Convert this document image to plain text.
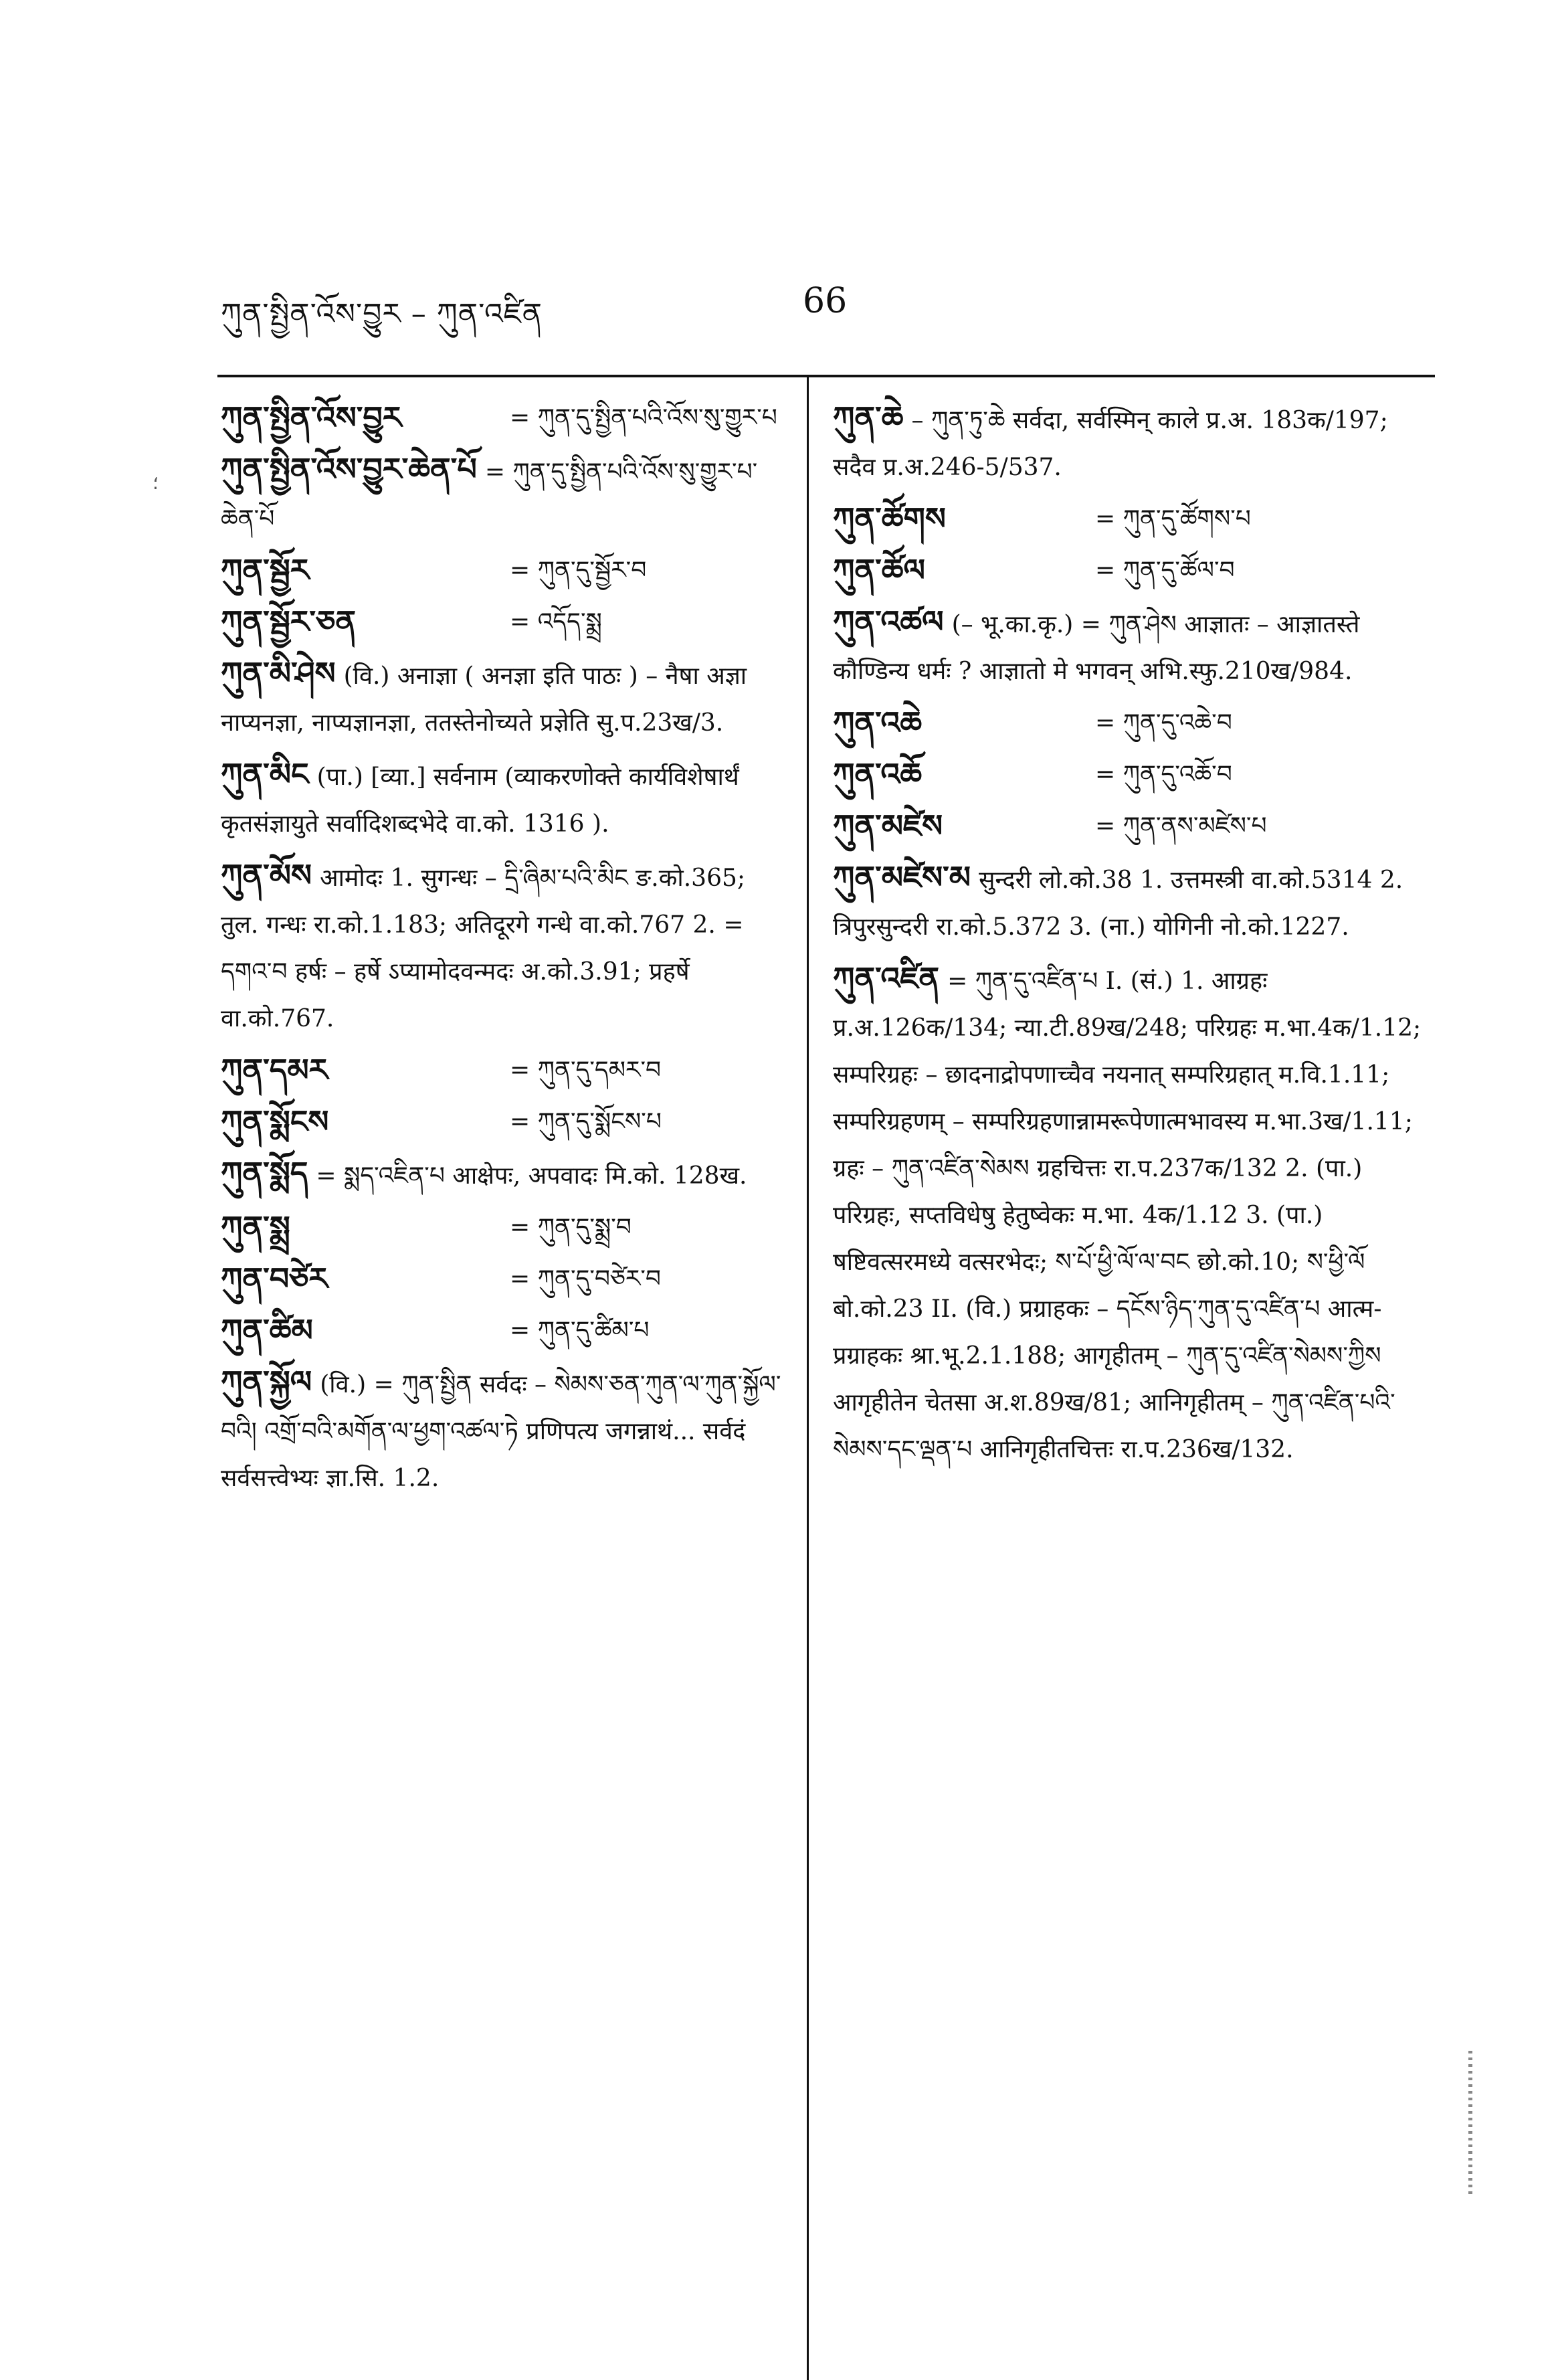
ཀུན་སྤྱིན་འོས་བྱུར – ཀུན་འཛིན	66
؛
ཀུན་སྤྱིན་འོས་བྱུར	= ཀུན་དུ་སྤྱིན་པའི་འོས་སུ་གྱུར་པ
ཀུན་སྤྱིན་འོས་བྱུར་ཆེན་པོ = ཀུན་དུ་སྤྱིན་པའི་འོས་སུ་གྱུར་པ་ཆེན་པོ
ཀུན་སྦྱོར	= ཀུན་དུ་སྦྱོར་བ
ཀུན་སྦྱོར་ཅན	= འདོད་སྨྲ
ཀུན་མི་ཤེས (वि.) अनाज्ञा ( अनज्ञा इति पाठः ) – नैषा अज्ञा नाप्यनज्ञा, नाप्यज्ञानज्ञा, ततस्तेनोच्यते प्रज्ञेति सु.प.23ख/3.
ཀུན་མིང (पा.) [व्या.] सर्वनाम (व्याकरणोक्ते कार्यविशेषार्थं कृतसंज्ञायुते सर्वादिशब्दभेदे वा.को. 1316 ).
ཀུན་མོས आमोदः 1. सुगन्धः – དྲི་ཞིམ་པའི་མིང ङ.को.365; तुल. गन्धः रा.को.1.183; अतिदूरगे गन्धे वा.को.767 2. = དགའ་བ हर्षः – हर्षे ऽप्यामोदवन्मदः अ.को.3.91; प्रहर्षे वा.को.767.
ཀུན་དམར	= ཀུན་དུ་དམར་བ
ཀུན་སྨོངས	= ཀུན་དུ་སྨོངས་པ
ཀུན་སྨོད = སྨད་འཇིན་པ आक्षेपः, अपवादः मि.को. 128ख.
ཀུན་སྨྲ	= ཀུན་དུ་སྨྲ་བ
ཀུན་བཙེར	= ཀུན་དུ་བཙེར་བ
ཀུན་ཚིམ	= ཀུན་དུ་ཚིམ་པ
ཀུན་སྐྱོལ (वि.) = ཀུན་སྤྱིན सर्वदः – སེམས་ཅན་ཀུན་ལ་ཀུན་སྐྱོལ་བའི། འགྲོ་བའི་མགོན་ལ་ཕྱག་འཚལ་ཏེ प्रणिपत्य जगन्नाथं... सर्वदं सर्वसत्त्वेभ्यः ज्ञा.सि. 1.2.
ཀུན་ཆེ – ཀུན་ཏུ་ཆེ सर्वदा, सर्वस्मिन् काले प्र.अ. 183क/197; सदैव प्र.अ.246-5/537.
ཀུན་ཚོགས	= ཀུན་དུ་ཚོགས་པ
ཀུན་ཚོལ	= ཀུན་དུ་ཚོལ་བ
ཀུན་འཚལ (– भू.का.कृ.) = ཀུན་ཤེས आज्ञातः – आज्ञातस्ते कौण्डिन्य धर्मः ? आज्ञातो मे भगवन् अभि.स्फु.210ख/984.
ཀུན་འཆེ	= ཀུན་དུ་འཆེ་བ
ཀུན་འཆོ	= ཀུན་དུ་འཆོ་བ
ཀུན་མཛེས	= ཀུན་ནས་མཛེས་པ
ཀུན་མཛེས་མ सुन्दरी लो.को.38 1. उत्तमस्त्री वा.को.5314 2. त्रिपुरसुन्दरी रा.को.5.372 3. (ना.) योगिनी नो.को.1227.
ཀུན་འཛིན = ཀུན་དུ་འཛིན་པ I. (सं.) 1. आग्रहः प्र.अ.126क/134; न्या.टी.89ख/248; परिग्रहः म.भा.4क/1.12; सम्परिग्रहः – छादनाद्रोपणाच्चैव नयनात् सम्परिग्रहात् म.वि.1.11; सम्परिग्रहणम् – सम्परिग्रहणान्नामरूपेणात्मभावस्य म.भा.3ख/1.11; ग्रहः – ཀུན་འཛིན་སེམས ग्रहचित्तः रा.प.237क/132 2. (पा.) परिग्रहः, सप्तविधेषु हेतुष्वेकः म.भा. 4क/1.12 3. (पा.) षष्टिवत्सरमध्ये वत्सरभेदः; ས་པོ་ཕྱི་ལོ་ལ་བང छो.को.10; ས་ཕྱི་ལོ बो.को.23 II. (वि.) प्रग्राहकः – དངོས་ཉིད་ཀུན་དུ་འཛིན་པ आत्म-प्रग्राहकः श्रा.भू.2.1.188; आगृहीतम् – ཀུན་དུ་འཛིན་སེམས་ཀྱིས आगृहीतेन चेतसा अ.श.89ख/81; आनिगृहीतम् – ཀུན་འཛིན་པའི་སེམས་དང་ལྡན་པ आनिगृहीतचित्तः रा.प.236ख/132.
